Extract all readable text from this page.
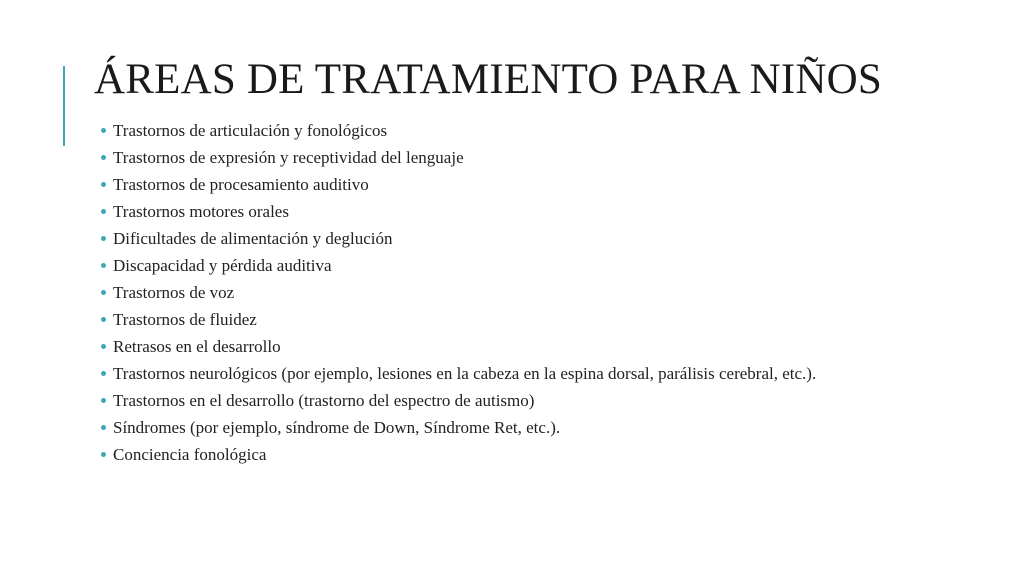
ÁREAS DE TRATAMIENTO PARA NIÑOS
Trastornos de articulación y fonológicos
Trastornos de expresión y receptividad del lenguaje
Trastornos de procesamiento auditivo
Trastornos motores orales
Dificultades de alimentación y deglución
Discapacidad y pérdida auditiva
Trastornos de voz
Trastornos de fluidez
Retrasos en el desarrollo
Trastornos neurológicos (por ejemplo, lesiones en la cabeza en la espina dorsal, parálisis cerebral, etc.).
Trastornos en el desarrollo (trastorno del espectro de autismo)
Síndromes (por ejemplo, síndrome de Down, Síndrome Ret, etc.).
Conciencia fonológica
